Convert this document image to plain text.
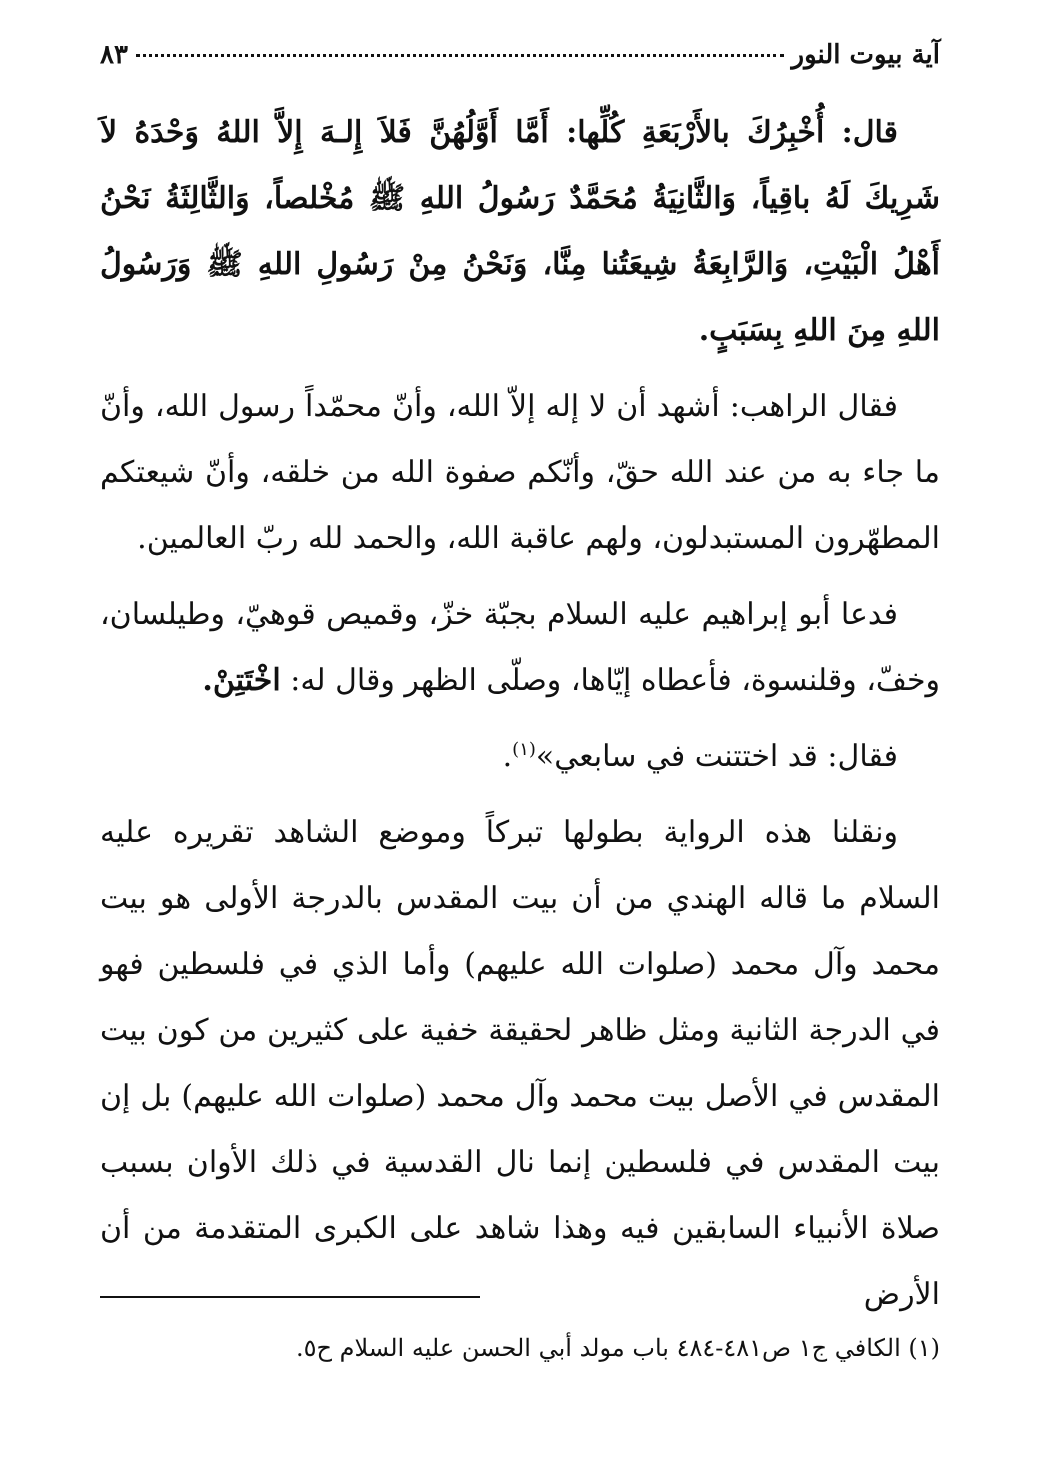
آية بيوت النور
٨٣

قال: أُخْبِرُكَ بالأَرْبَعَةِ كُلِّها: أَمَّا أَوَّلُهُنَّ فَلاَ إِلـهَ إِلاَّ اللهُ وَحْدَهُ لاَ شَرِيكَ لَهُ باقِياً، وَالثَّانِيَةُ مُحَمَّدٌ رَسُولُ اللهِ ﷺ مُخْلصاً، وَالثَّالِثَةُ نَحْنُ أَهْلُ الْبَيْتِ، وَالرَّابِعَةُ شِيعَتُنا مِنَّا، وَنَحْنُ مِنْ رَسُولِ اللهِ ﷺ وَرَسُولُ اللهِ مِنَ اللهِ بِسَبَبٍ.

فقال الراهب: أشهد أن لا إله إلاّ الله، وأنّ محمّداً رسول الله، وأنّ ما جاء به من عند الله حقّ، وأنّكم صفوة الله من خلقه، وأنّ شيعتكم المطهّرون المستبدلون، ولهم عاقبة الله، والحمد لله ربّ العالمين.

فدعا أبو إبراهيم عليه السلام بجبّة خزّ، وقميص قوهيّ، وطيلسان، وخفّ، وقلنسوة، فأعطاه إيّاها، وصلّى الظهر وقال له: اخْتَتِنْ.

فقال: قد اختتنت في سابعي»$^{(١)}$.

ونقلنا هذه الرواية بطولها تبركاً وموضع الشاهد تقريره عليه السلام ما قاله الهندي من أن بيت المقدس بالدرجة الأولى هو بيت محمد وآل محمد (صلوات الله عليهم) وأما الذي في فلسطين فهو في الدرجة الثانية ومثل ظاهر لحقيقة خفية على كثيرين من كون بيت المقدس في الأصل بيت محمد وآل محمد (صلوات الله عليهم) بل إن بيت المقدس في فلسطين إنما نال القدسية في ذلك الأوان بسبب صلاة الأنبياء السابقين فيه وهذا شاهد على الكبرى المتقدمة من أن الأرض

(١) الكافي ج١ ص٤٨١-٤٨٤ باب مولد أبي الحسن عليه السلام ح٥.
